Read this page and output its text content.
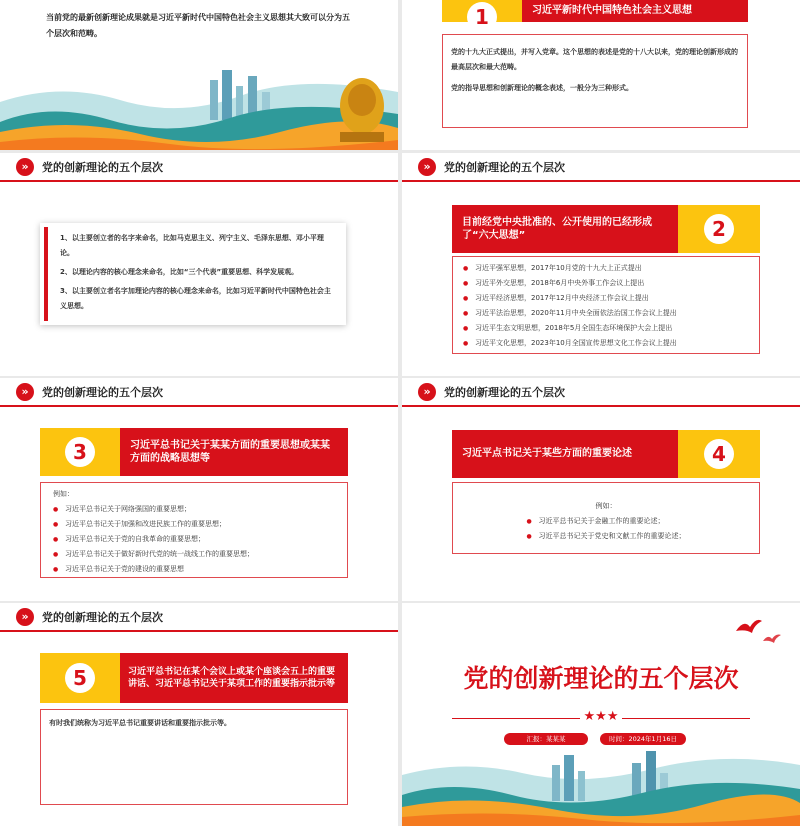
当前党的最新创新理论成果就是习近平新时代中国特色社会主义思想其大致可以分为五个层次和范畴。
1	习近平新时代中国特色社会主义思想
党的十九大正式提出，并写入党章。这个思想的表述是党的十八大以来，党的理论创新形成的最高层次和最大范畴。
党的指导思想和创新理论的概念表述，一般分为三种形式。
»	党的创新理论的五个层次
1、以主要创立者的名字来命名，比如马克思主义、列宁主义、毛泽东思想、邓小平理论。
2、以理论内容的核心理念来命名，比如“三个代表”重要思想、科学发展观。
3、以主要创立者名字加理论内容的核心理念来命名，比如习近平新时代中国特色社会主义思想。
»	党的创新理论的五个层次
目前经党中央批准的、公开使用的已经形成了“六大思想”	2
● 习近平强军思想，2017年10月党的十九大上正式提出
● 习近平外交思想，2018年6月中央外事工作会议上提出
● 习近平经济思想，2017年12月中央经济工作会议上提出
● 习近平法治思想，2020年11月中央全面依法治国工作会议上提出
● 习近平生态文明思想，2018年5月全国生态环境保护大会上提出
● 习近平文化思想，2023年10月全国宣传思想文化工作会议上提出
»	党的创新理论的五个层次
3	习近平总书记关于某某方面的重要思想或某某方面的战略思想等
例如：
● 习近平总书记关于网络强国的重要思想；
● 习近平总书记关于加强和改进民族工作的重要思想；
● 习近平总书记关于党的自我革命的重要思想；
● 习近平总书记关于做好新时代党的统一战线工作的重要思想；
● 习近平总书记关于党的建设的重要思想
»	党的创新理论的五个层次
习近平点书记关于某些方面的重要论述	4
例如：
● 习近平总书记关于金融工作的重要论述；
● 习近平总书记关于党史和文献工作的重要论述；
»	党的创新理论的五个层次
5	习近平总书记在某个会议上或某个座谈会五上的重要讲话、习近平总书记关于某项工作的重要指示批示等
有时我们统称为习近平总书记重要讲话和重要指示批示等。
党的创新理论的五个层次
★★★
汇报：某某某	时间：2024年1月16日
